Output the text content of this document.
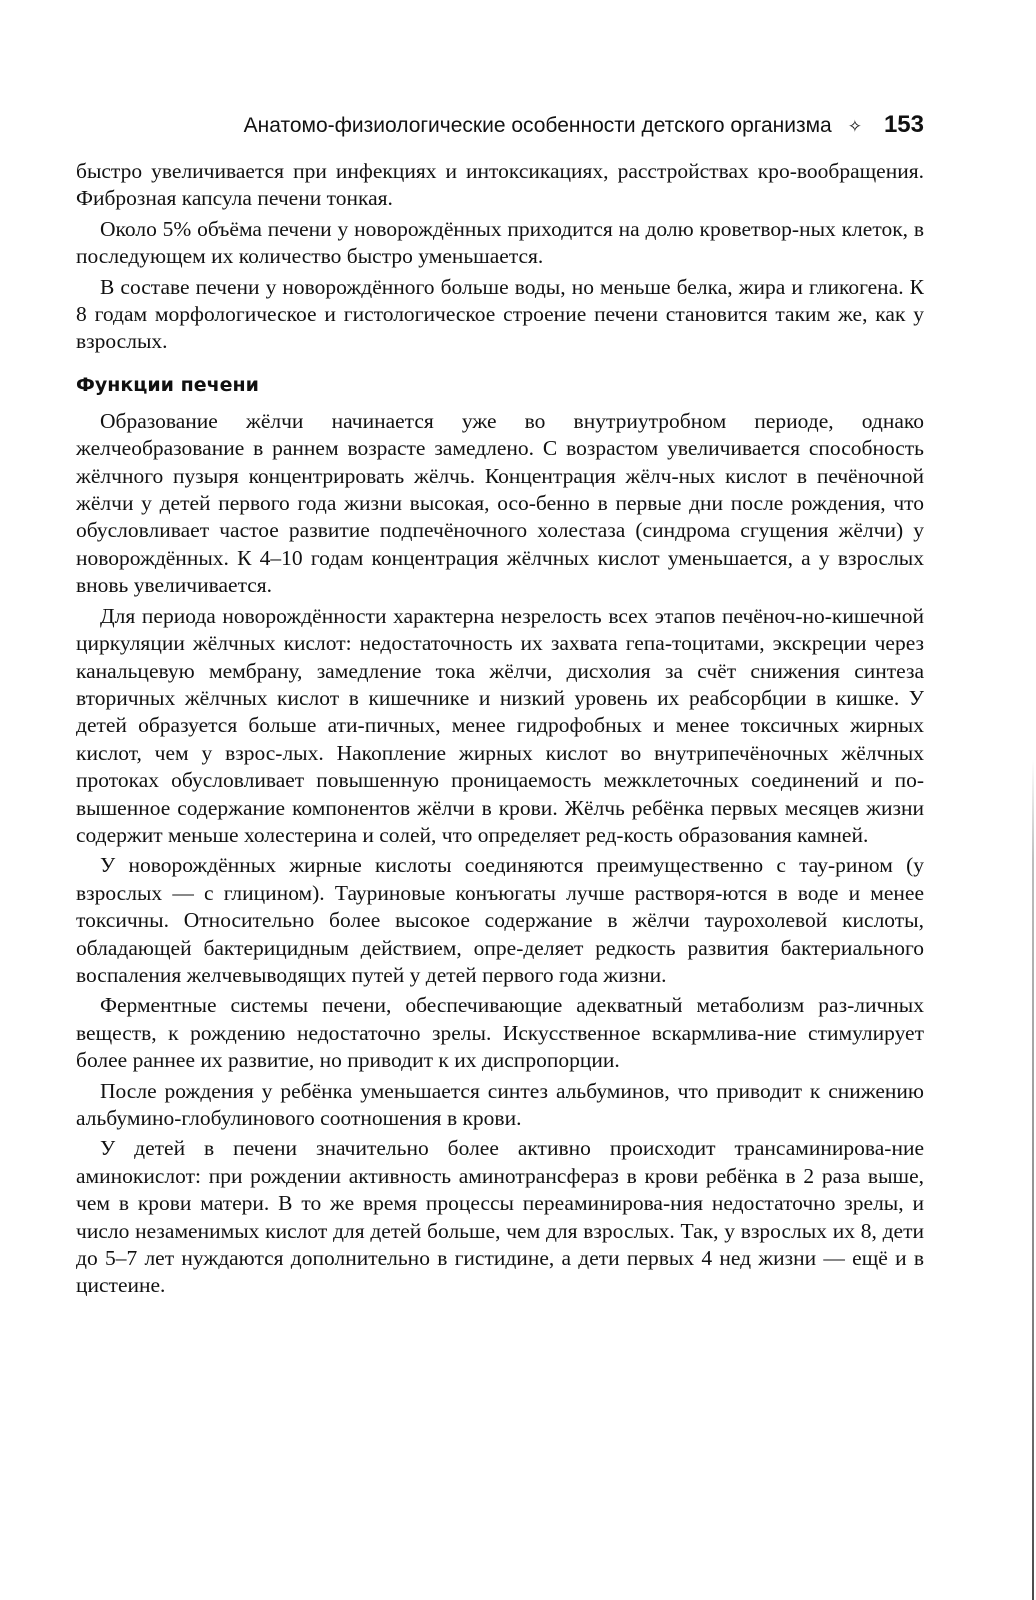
Анатомо-физиологические особенности детского организма ✧ 153

быстро увеличивается при инфекциях и интоксикациях, расстройствах кро-вообращения. Фиброзная капсула печени тонкая.

Около 5% объёма печени у новорождённых приходится на долю кроветвор-ных клеток, в последующем их количество быстро уменьшается.

В составе печени у новорождённого больше воды, но меньше белка, жира и гликогена. К 8 годам морфологическое и гистологическое строение печени становится таким же, как у взрослых.

Функции печени

Образование жёлчи начинается уже во внутриутробном периоде, однако желчеобразование в раннем возрасте замедлено. С возрастом увеличивается способность жёлчного пузыря концентрировать жёлчь. Концентрация жёлч-ных кислот в печёночной жёлчи у детей первого года жизни высокая, осо-бенно в первые дни после рождения, что обусловливает частое развитие подпечёночного холестаза (синдрома сгущения жёлчи) у новорождённых. К 4–10 годам концентрация жёлчных кислот уменьшается, а у взрослых вновь увеличивается.

Для периода новорождённости характерна незрелость всех этапов печёноч-но-кишечной циркуляции жёлчных кислот: недостаточность их захвата гепа-тоцитами, экскреции через канальцевую мембрану, замедление тока жёлчи, дисхолия за счёт снижения синтеза вторичных жёлчных кислот в кишечнике и низкий уровень их реабсорбции в кишке. У детей образуется больше ати-пичных, менее гидрофобных и менее токсичных жирных кислот, чем у взрос-лых. Накопление жирных кислот во внутрипечёночных жёлчных протоках обусловливает повышенную проницаемость межклеточных соединений и по-вышенное содержание компонентов жёлчи в крови. Жёлчь ребёнка первых месяцев жизни содержит меньше холестерина и солей, что определяет ред-кость образования камней.

У новорождённых жирные кислоты соединяются преимущественно с тау-рином (у взрослых — с глицином). Тауриновые конъюгаты лучше растворя-ются в воде и менее токсичны. Относительно более высокое содержание в жёлчи таурохолевой кислоты, обладающей бактерицидным действием, опре-деляет редкость развития бактериального воспаления желчевыводящих путей у детей первого года жизни.

Ферментные системы печени, обеспечивающие адекватный метаболизм раз-личных веществ, к рождению недостаточно зрелы. Искусственное вскармлива-ние стимулирует более раннее их развитие, но приводит к их диспропорции.

После рождения у ребёнка уменьшается синтез альбуминов, что приводит к снижению альбумино-глобулинового соотношения в крови.

У детей в печени значительно более активно происходит трансаминирова-ние аминокислот: при рождении активность аминотрансфераз в крови ребёнка в 2 раза выше, чем в крови матери. В то же время процессы переаминирова-ния недостаточно зрелы, и число незаменимых кислот для детей больше, чем для взрослых. Так, у взрослых их 8, дети до 5–7 лет нуждаются дополнительно в гистидине, а дети первых 4 нед жизни — ещё и в цистеине.
